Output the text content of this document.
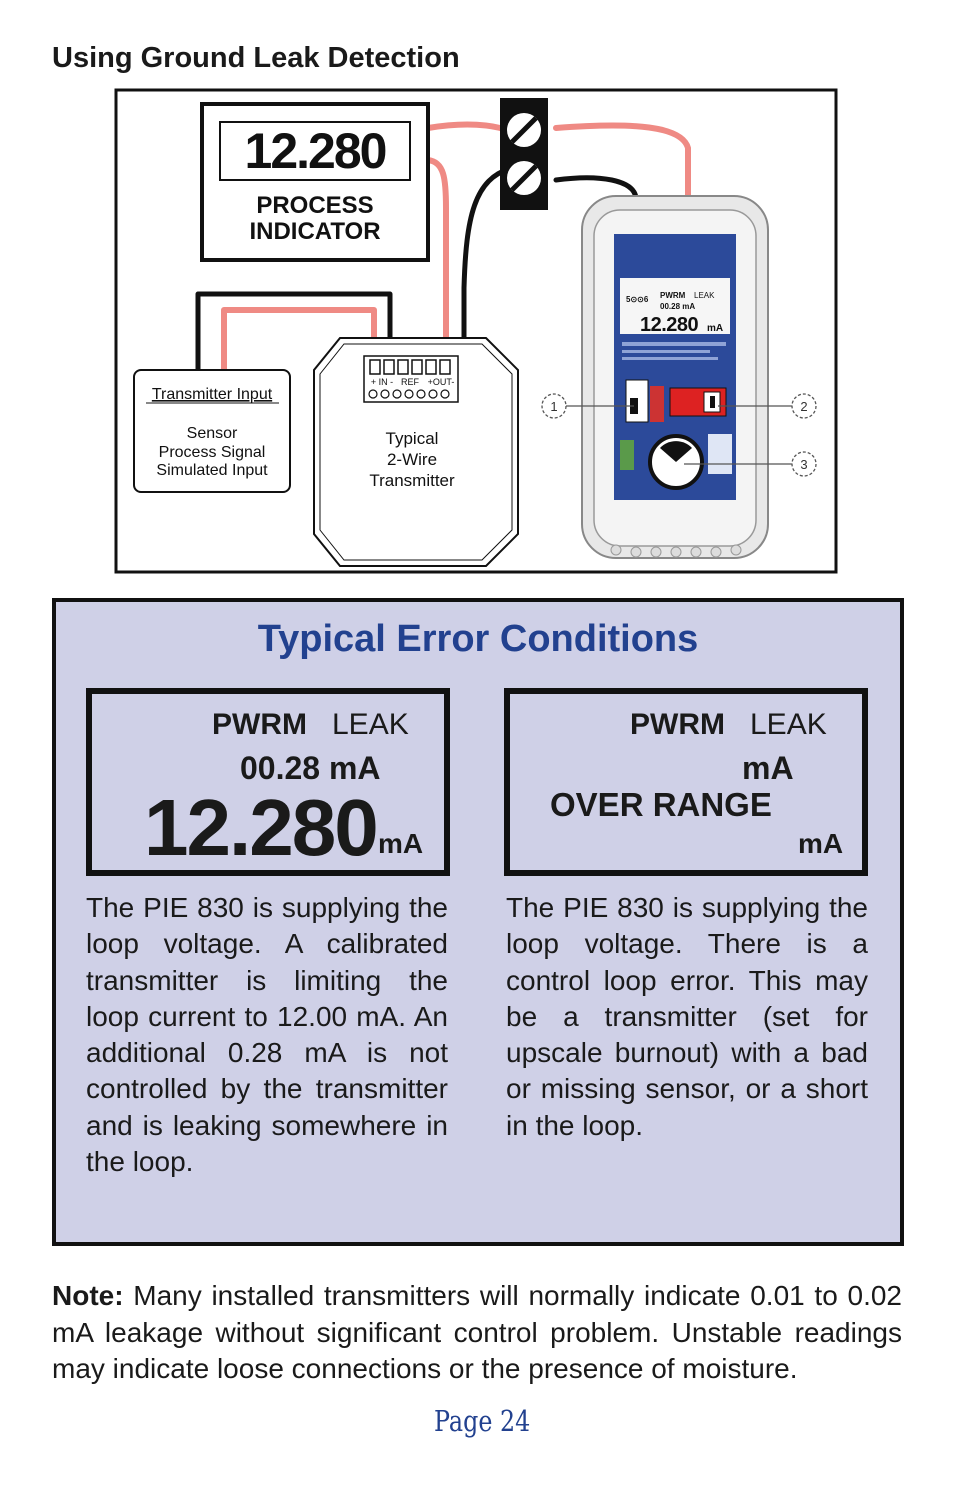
Using Ground Leak Detection
12.280
PROCESS
INDICATOR
Transmitter Input
Sensor
Process Signal
Simulated Input
+ IN - REF +OUT-
Typical
2-Wire
Transmitter
5⊙⊙6 PWRM LEAK
00.28 mA
12.280 mA
1	2
3
Typical Error Conditions
PWRM LEAK
00.28 mA
12.280 mA
PWRM LEAK
mA
OVER RANGE
mA

The PIE 830 is supplying the loop voltage. A calibrated transmitter is limiting the loop current to 12.00 mA. An additional 0.28 mA is not controlled by the transmitter and is leaking somewhere in the loop.

The PIE 830 is supplying the loop voltage. There is a control loop error. This may be a transmitter (set for upscale burnout) with a bad or missing sensor, or a short in the loop.

Note: Many installed transmitters will normally indicate 0.01 to 0.02 mA leakage without significant control problem. Unstable readings may indicate loose connections or the presence of moisture.

Page 24
